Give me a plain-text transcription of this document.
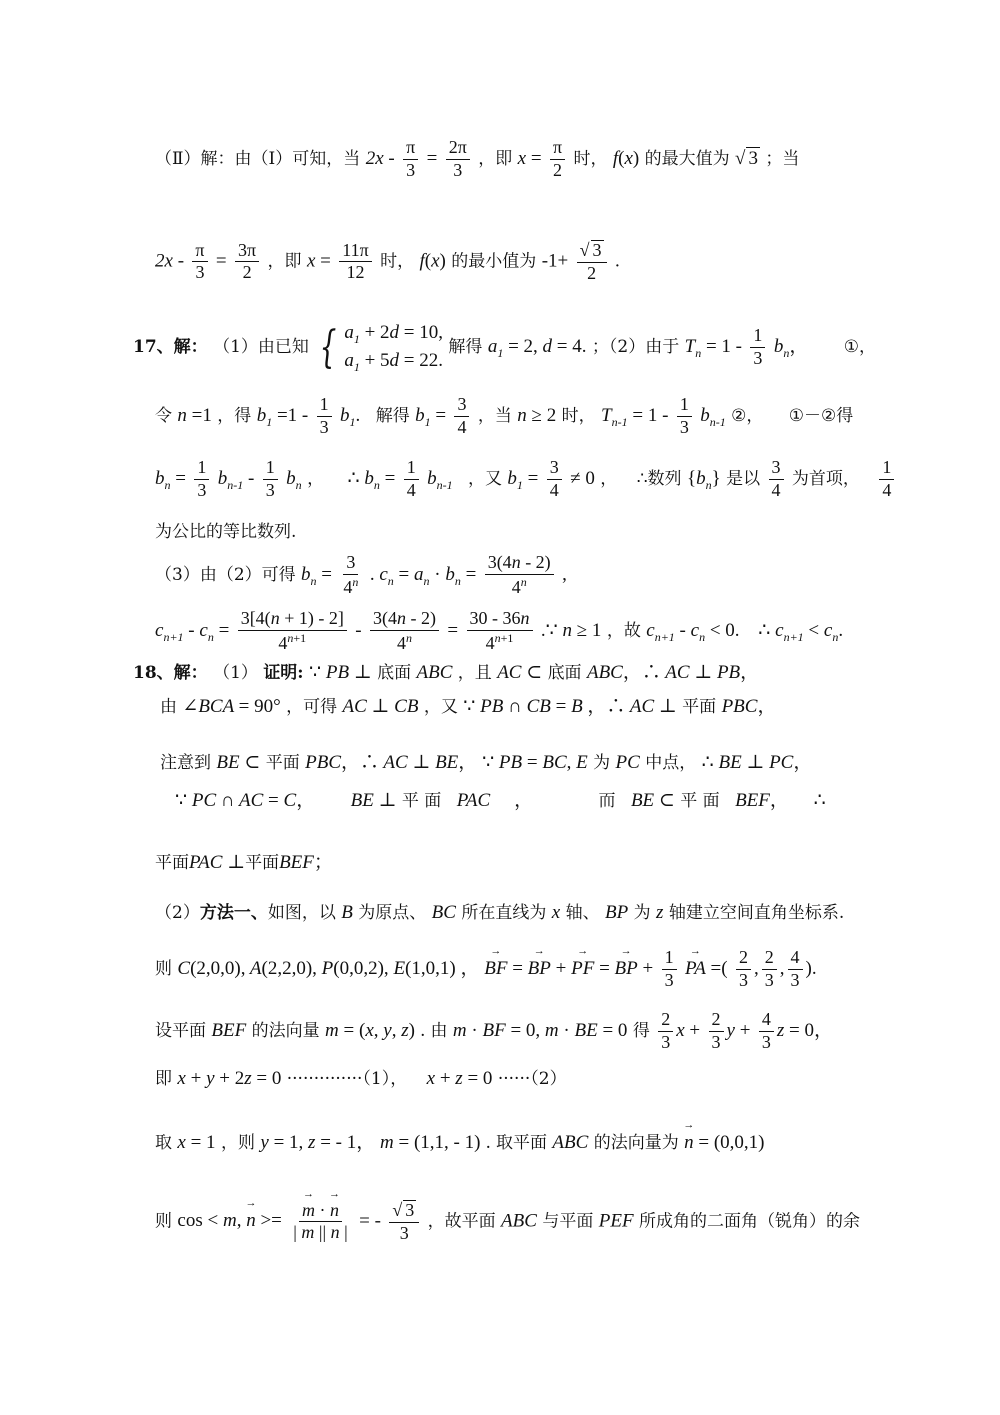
（Ⅱ）解：由（Ⅰ）可知，当 $2x - \frac{\pi}{3} = \frac{2\pi}{3}$ ，即 $x = \frac{\pi}{2}$ 时， f(x) 的最大值为 √ 3 ；当
$2x - \frac{\pi}{3} = \frac{3\pi}{2}$ ，即 $x = \frac{11\pi}{12}$ 时， f(x) 的最小值为 $-1+ \frac{√ 3}{2}$ .
17、解： （1）由已知 { $a_1 + 2d = 10$,
$a_1 + 5d = 22$.
解得 $a_1 = 2$, d = 4. ；（2）由于 $T_n = 1 - \frac{1}{3} b_n$， ①，
令 n =1 ，得 $b_1 =1 - \frac{1}{3} b_1$. 解得 $b_1 = \frac{3}{4}$ ，当 n ≥ 2 时， $T_{n-1} = 1 - \frac{1}{3} b_{n-1}$ ②， ①－②得
$b_n = \frac{1}{3} b_{n-1} - \frac{1}{3} b_n$ ， ∴ $b_n = \frac{1}{4} b_{n-1}$ ，又 $b_1 = \frac{3}{4} \ne 0$ ， ∴数列 $\{b_n\}$ 是以 $\frac{3}{4}$ 为首项， $\frac{1}{4}$
为公比的等比数列.
（3）由（2）可得 $b_n = \frac{3}{4^n}$ . $c_n = a_n \cdot b_n = \frac{3(4n - 2)}{4^n}$ ,
$c_{n+1} - c_n = \frac{3[4(n + 1) - 2]}{4^{n+1}} - \frac{3(4n - 2)}{4^n} = \frac{30 - 36n}{4^{n+1}}$ .∵ n ≥ 1 ，故 $c_{n+1} - c_n < 0$. ∴ $c_{n+1} < c_n$.
18、解： （1） 证明: ∵ PB ⊥ 底面 ABC ，且 AC ⊂ 底面 ABC，∴ AC ⊥ PB，
由 ∠BCA = 90° ，可得 AC ⊥ CB ，又 ∵ PB ∩ CB = B ，∴ AC ⊥ 平面 PBC，
注意到 BE ⊂ 平面 PBC，∴ AC ⊥ BE， ∵ PB = BC, E 为 PC 中点， ∴ BE ⊥ PC，
∵ PC ∩ AC = C， BE ⊥ 平 面 PAC ，	而 BE ⊂ 平 面 BEF， ∴
平面PAC ⊥平面BEF；
（2）方法一、如图，以 B 为原点、 BC 所在直线为 x 轴、 BP 为 z 轴建立空间直角坐标系.
则 C(2,0,0), A(2,2,0), P(0,0,2), E(1,0,1) ， → BF = → BP + → PF = → BP + $\frac{1}{3}$ → PA =( $\frac{2}{3}$ , $\frac{2}{3}$ , $\frac{4}{3}$ ).
设平面 BEF 的法向量 m = (x, y, z) . 由 m · BF = 0, m · BE = 0 得 $\frac{2}{3}$ $x + \frac{2}{3}$ $y + \frac{4}{3}$ z = 0，
即 x + y + 2z = 0 ··············（1）， x + z = 0 ······（2）
取 x = 1 ，则 y = 1, z = - 1， m = (1,1, - 1) . 取平面 ABC 的法向量为 → n = (0,0,1)
则 cos < m, → n >= → $\frac{m \cdot \to n}{| m || n |}$ = - $\frac{√ 3}{3}$ ，故平面 ABC 与平面 PEF 所成角的二面角（锐角）的余
